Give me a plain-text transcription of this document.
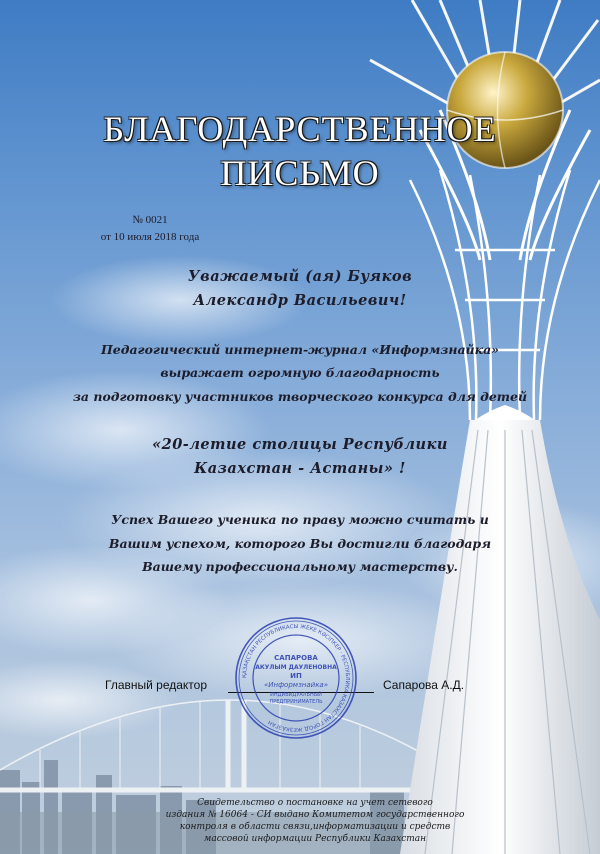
БЛАГОДАРСТВЕННОЕ
ПИСЬМО
№ 0021
от 10 июля 2018 года
Уважаемый (ая) Буяков
Александр Васильевич!
Педагогический интернет-журнал «Информзнайка»
выражает огромную благодарность
за подготовку участников творческого конкурса для детей
«20-летие столицы Республики
Казахстан - Астаны» !
Успех Вашего ученика по праву можно считать и
Вашим успехом, которого Вы достигли благодаря
Вашему профессиональному мастерству.
Главный редактор	Сапарова А.Д.
ҚАЗАҚСТАН РЕСПУБЛИКАСЫ ЖЕКЕ КӘСІПКЕР · РЕСПУБЛИКА КАЗАХСТАН ГОРОД ЖЕЗКАЗГАН
САПАРОВА
АКУЛЫМ ДАУЛЕНОВНА
ИП
«Информзнайка»
ИНДИВИДУАЛЬНЫЙ
ПРЕДПРИНИМАТЕЛЬ
Свидетельство о постановке на учет сетевого
издания № 16064 - СИ выдано Комитетом государственного
контроля в области связи,информатизации и средств
массовой информации Республики Казахстан
